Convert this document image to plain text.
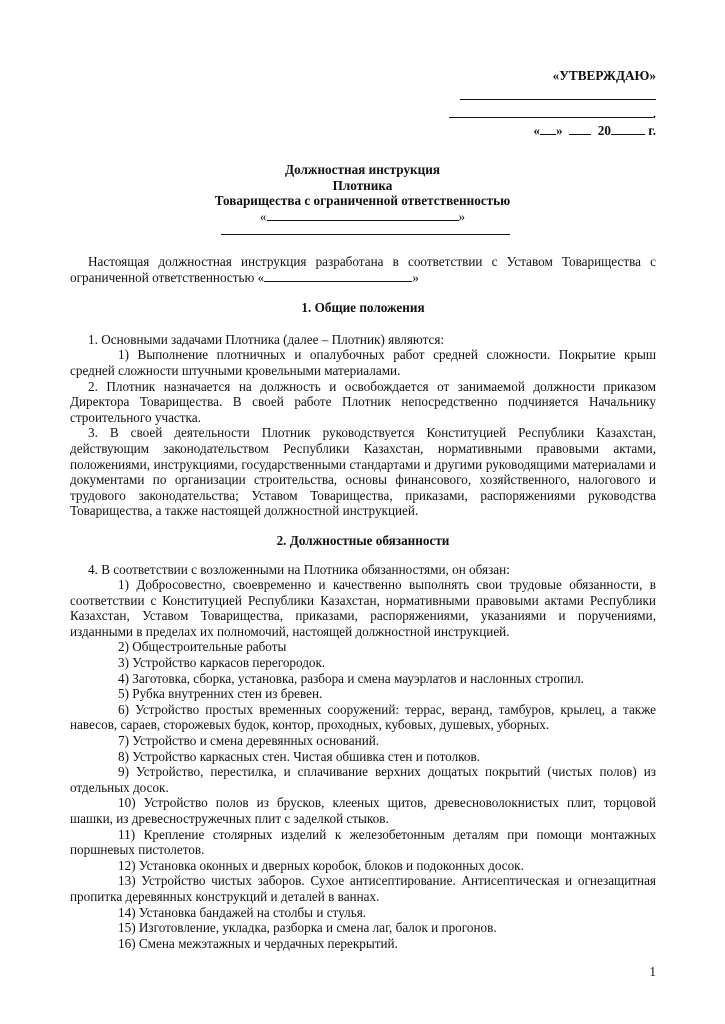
«УТВЕРЖДАЮ»
.
« »	20	г.
Должностная инструкция
Плотника
Товарищества с ограниченной ответственностью
«	»

Настоящая должностная инструкция разработана в соответствии с Уставом Товарищества с ограниченной ответственностью «	»

1. Общие положения

1. Основными задачами Плотника (далее – Плотник) являются:

1) Выполнение плотничных и опалубочных работ средней сложности. Покрытие крыш средней сложности штучными кровельными материалами.

2. Плотник назначается на должность и освобождается от занимаемой должности приказом Директора Товарищества. В своей работе Плотник непосредственно подчиняется Начальнику строительного участка.

3. В своей деятельности Плотник руководствуется Конституцией Республики Казахстан, действующим законодательством Республики Казахстан, нормативными правовыми актами, положениями, инструкциями, государственными стандартами и другими руководящими материалами и документами по организации строительства, основы финансового, хозяйственного, налогового и трудового законодательства; Уставом Товарищества, приказами, распоряжениями руководства Товарищества, а также настоящей должностной инструкцией.

2. Должностные обязанности

4. В соответствии с возложенными на Плотника обязанностями, он обязан:

1) Добросовестно, своевременно и качественно выполнять свои трудовые обязанности, в соответствии с Конституцией Республики Казахстан, нормативными правовыми актами Республики Казахстан, Уставом Товарищества, приказами, распоряжениями, указаниями и поручениями, изданными в пределах их полномочий, настоящей должностной инструкцией.

2) Общестроительные работы

3) Устройство каркасов перегородок.

4) Заготовка, сборка, установка, разбора и смена мауэрлатов и наслонных стропил.

5) Рубка внутренних стен из бревен.

6) Устройство простых временных сооружений: террас, веранд, тамбуров, крылец, а также навесов, сараев, сторожевых будок, контор, проходных, кубовых, душевых, уборных.

7) Устройство и смена деревянных оснований.

8) Устройство каркасных стен. Чистая обшивка стен и потолков.

9) Устройство, перестилка, и сплачивание верхних дощатых покрытий (чистых полов) из отдельных досок.

10) Устройство полов из брусков, клееных щитов, древесноволокнистых плит, торцовой шашки, из древесностружечных плит с заделкой стыков.

11) Крепление столярных изделий к железобетонным деталям при помощи монтажных поршневых пистолетов.

12) Установка оконных и дверных коробок, блоков и подоконных досок.

13) Устройство чистых заборов. Сухое антисептирование. Антисептическая и огнезащитная пропитка деревянных конструкций и деталей в ваннах.

14) Установка бандажей на столбы и стулья.

15) Изготовление, укладка, разборка и смена лаг, балок и прогонов.

16) Смена межэтажных и чердачных перекрытий.

1
